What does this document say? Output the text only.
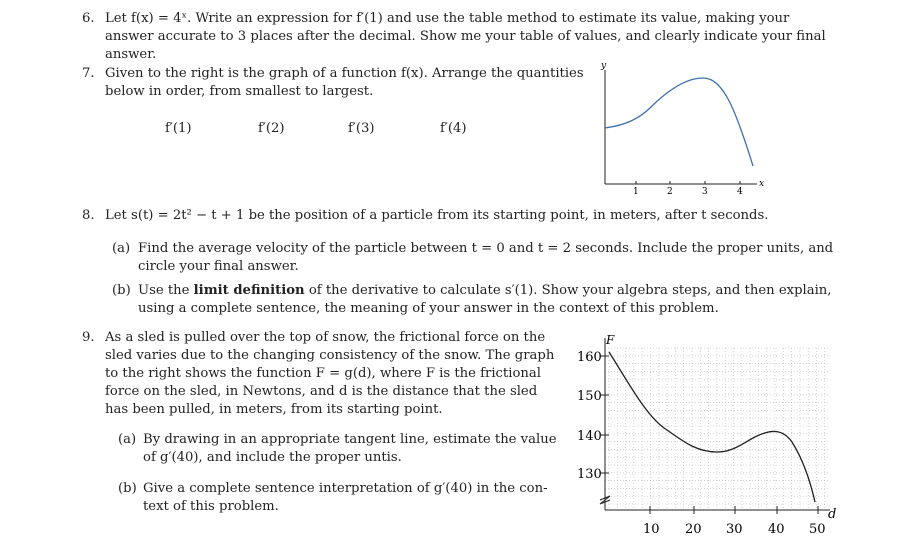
6. Let f(x) = 4ˣ. Write an expression for f′(1) and use the table method to estimate its value, making your
answer accurate to 3 places after the decimal. Show me your table of values, and clearly indicate your final
answer.
7. Given to the right is the graph of a function f(x). Arrange the quantities
below in order, from smallest to largest.
f′(1)	f′(2)	f′(3)	f′(4)
y
x
1	2	3	4
8. Let s(t) = 2t² − t + 1 be the position of a particle from its starting point, in meters, after t seconds.
(a) Find the average velocity of the particle between t = 0 and t = 2 seconds. Include the proper units, and
circle your final answer.
(b) Use the limit definition of the derivative to calculate s′(1). Show your algebra steps, and then explain,
using a complete sentence, the meaning of your answer in the context of this problem.
9. As a sled is pulled over the top of snow, the frictional force on the
sled varies due to the changing consistency of the snow. The graph
to the right shows the function F = g(d), where F is the frictional
force on the sled, in Newtons, and d is the distance that the sled
has been pulled, in meters, from its starting point.
(a) By drawing in an appropriate tangent line, estimate the value
of g′(40), and include the proper untis.
(b) Give a complete sentence interpretation of g′(40) in the con-
text of this problem.
160
150
140
130
10 20 30 40 50
F
d
